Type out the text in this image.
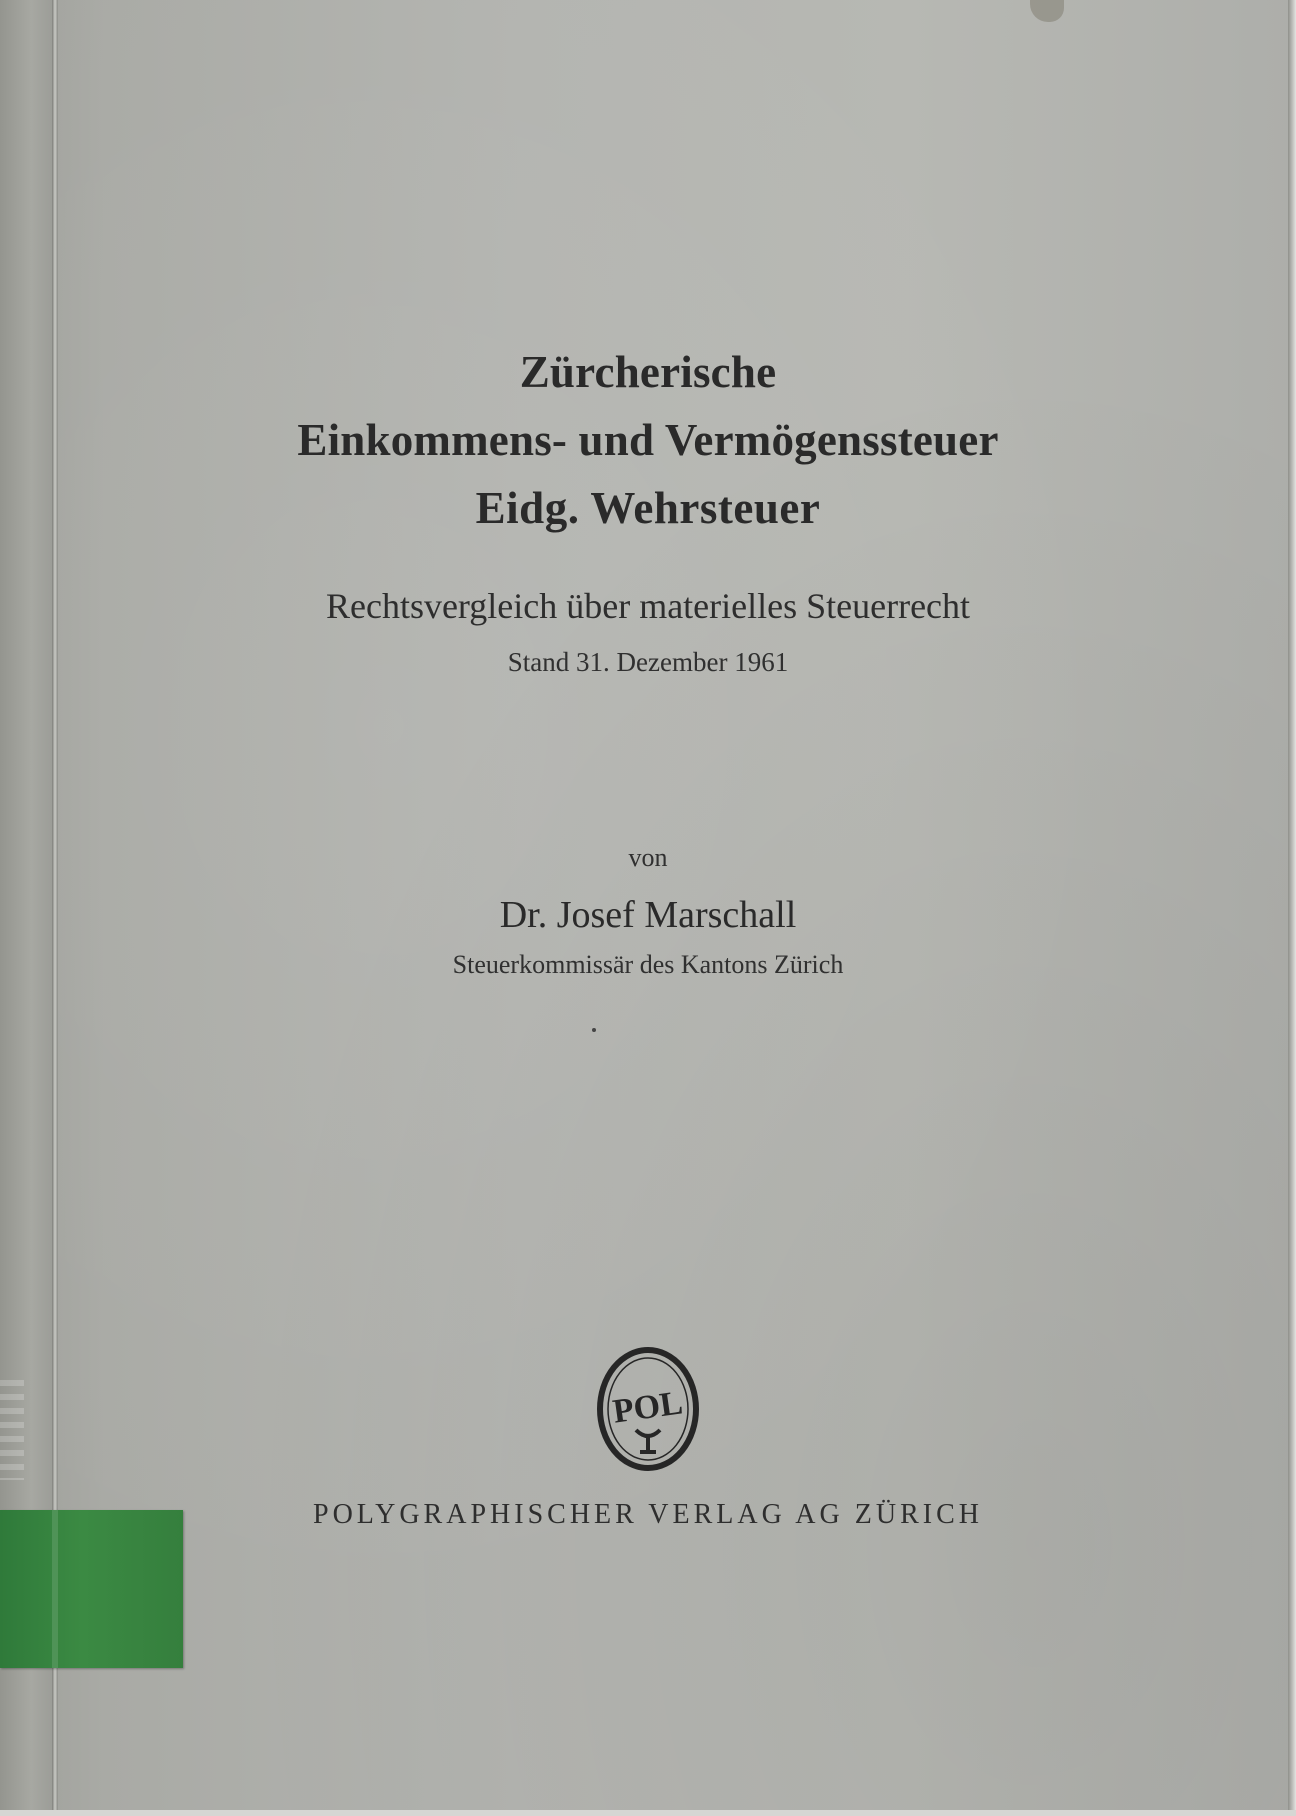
Zürcherische
Einkommens- und Vermögenssteuer
Eidg. Wehrsteuer
Rechtsvergleich über materielles Steuerrecht
Stand 31. Dezember 1961
von
Dr. Josef Marschall
Steuerkommissär des Kantons Zürich
POL
POLYGRAPHISCHER VERLAG AG ZÜRICH
